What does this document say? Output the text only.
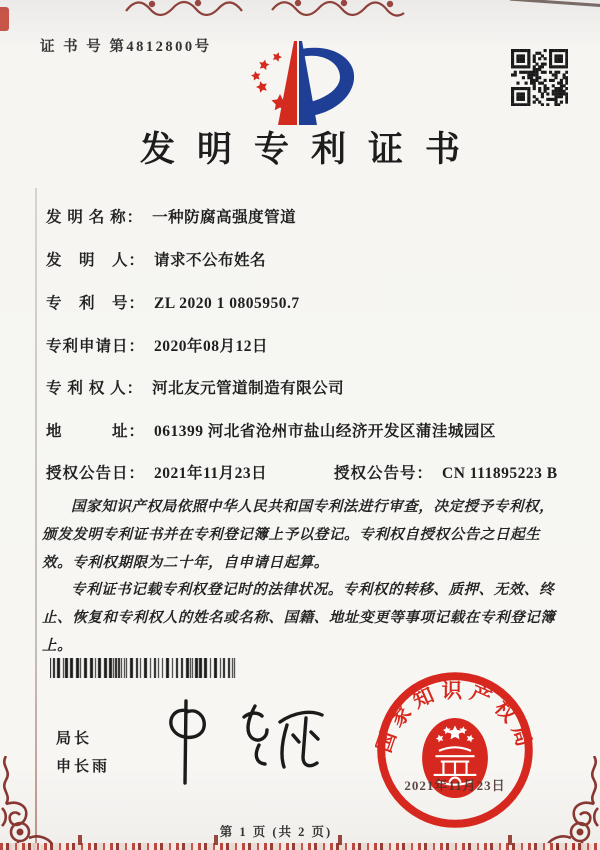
证 书 号 第4812800号
发明专利证书
发 明 名 称： 一种防腐高强度管道
发　明　人： 请求不公布姓名
专　利　号： ZL 2020 1 0805950.7
专利申请日： 2020年08月12日
专 利 权 人： 河北友元管道制造有限公司
地　　　址： 061399 河北省沧州市盐山经济开发区蒲洼城园区
授权公告日： 2021年11月23日	授权公告号： CN 111895223 B

国家知识产权局依照中华人民共和国专利法进行审查，决定授予专利权，颁发发明专利证书并在专利登记簿上予以登记。专利权自授权公告之日起生效。专利权期限为二十年，自申请日起算。

专利证书记载专利权登记时的法律状况。专利权的转移、质押、无效、终止、恢复和专利权人的姓名或名称、国籍、地址变更等事项记载在专利登记簿上。

局长
申长雨
国家知识产权局
2021年11月23日
第 1 页 (共 2 页)
